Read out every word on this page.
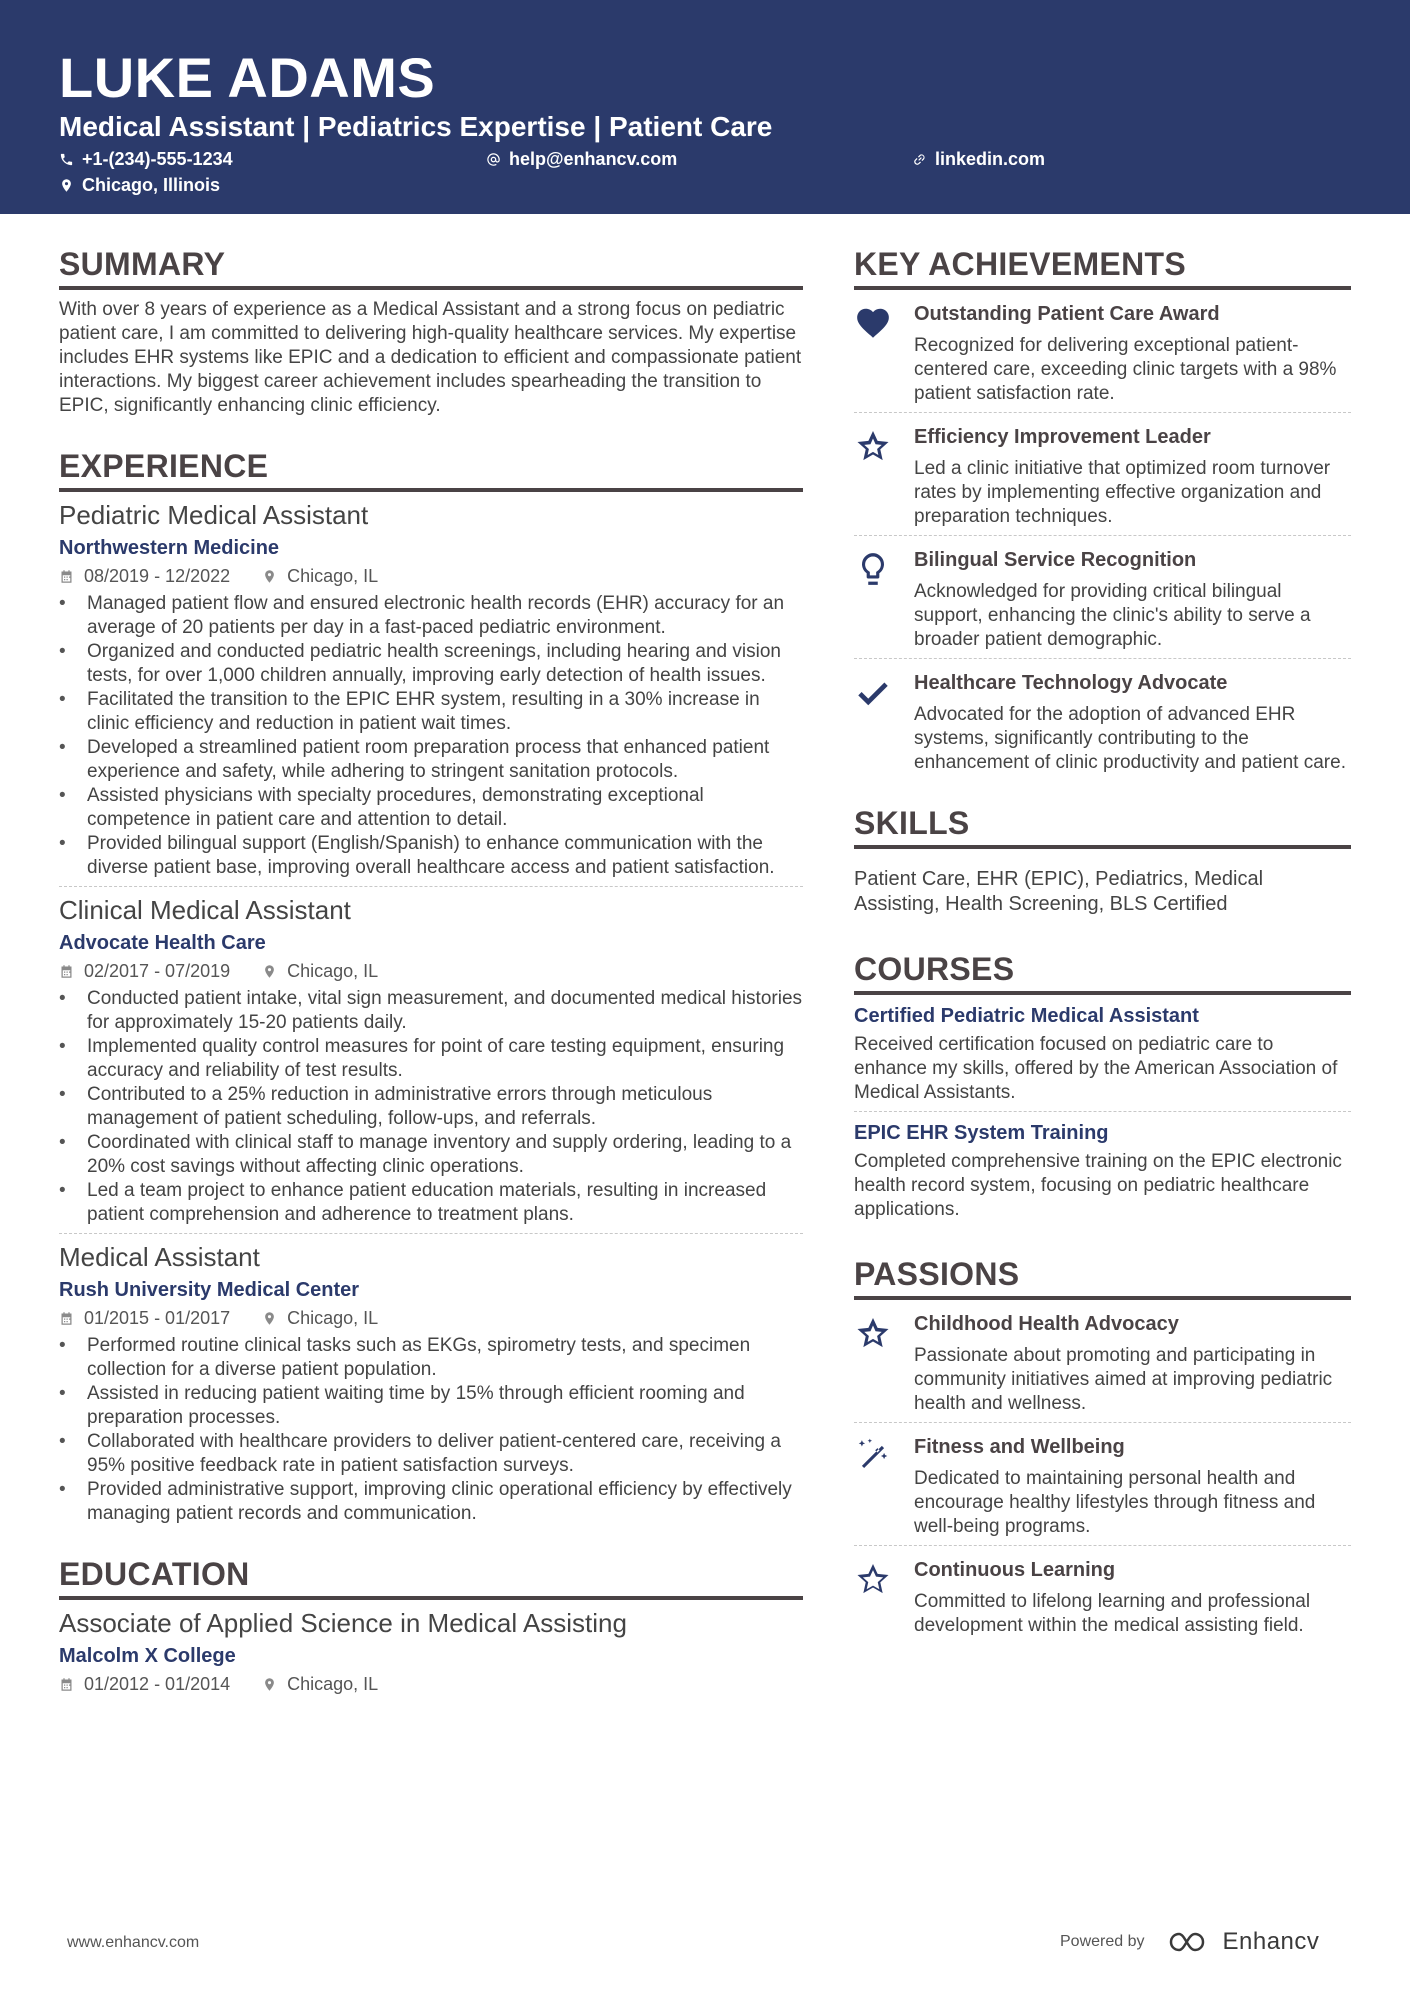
LUKE ADAMS
Medical Assistant | Pediatrics Expertise | Patient Care
+1-(234)-555-1234	help@enhancv.com	linkedin.com
Chicago, Illinois
SUMMARY

With over 8 years of experience as a Medical Assistant and a strong focus on pediatric patient care, I am committed to delivering high-quality healthcare services. My expertise includes EHR systems like EPIC and a dedication to efficient and compassionate patient interactions. My biggest career achievement includes spearheading the transition to EPIC, significantly enhancing clinic efficiency.

EXPERIENCE
Pediatric Medical Assistant
Northwestern Medicine
08/2019 - 12/2022	Chicago, IL
• Managed patient flow and ensured electronic health records (EHR) accuracy for an average of 20 patients per day in a fast-paced pediatric environment.
• Organized and conducted pediatric health screenings, including hearing and vision tests, for over 1,000 children annually, improving early detection of health issues.
• Facilitated the transition to the EPIC EHR system, resulting in a 30% increase in clinic efficiency and reduction in patient wait times.
• Developed a streamlined patient room preparation process that enhanced patient experience and safety, while adhering to stringent sanitation protocols.
• Assisted physicians with specialty procedures, demonstrating exceptional competence in patient care and attention to detail.
• Provided bilingual support (English/Spanish) to enhance communication with the diverse patient base, improving overall healthcare access and patient satisfaction.
Clinical Medical Assistant
Advocate Health Care
02/2017 - 07/2019	Chicago, IL
• Conducted patient intake, vital sign measurement, and documented medical histories for approximately 15-20 patients daily.
• Implemented quality control measures for point of care testing equipment, ensuring accuracy and reliability of test results.
• Contributed to a 25% reduction in administrative errors through meticulous management of patient scheduling, follow-ups, and referrals.
• Coordinated with clinical staff to manage inventory and supply ordering, leading to a 20% cost savings without affecting clinic operations.
• Led a team project to enhance patient education materials, resulting in increased patient comprehension and adherence to treatment plans.
Medical Assistant
Rush University Medical Center
01/2015 - 01/2017	Chicago, IL
• Performed routine clinical tasks such as EKGs, spirometry tests, and specimen collection for a diverse patient population.
• Assisted in reducing patient waiting time by 15% through efficient rooming and preparation processes.
• Collaborated with healthcare providers to deliver patient-centered care, receiving a 95% positive feedback rate in patient satisfaction surveys.
• Provided administrative support, improving clinic operational efficiency by effectively managing patient records and communication.
EDUCATION
Associate of Applied Science in Medical Assisting
Malcolm X College
01/2012 - 01/2014	Chicago, IL
KEY ACHIEVEMENTS
Outstanding Patient Care Award
Recognized for delivering exceptional patient-centered care, exceeding clinic targets with a 98% patient satisfaction rate.
Efficiency Improvement Leader
Led a clinic initiative that optimized room turnover rates by implementing effective organization and preparation techniques.
Bilingual Service Recognition
Acknowledged for providing critical bilingual support, enhancing the clinic's ability to serve a broader patient demographic.
Healthcare Technology Advocate
Advocated for the adoption of advanced EHR systems, significantly contributing to the enhancement of clinic productivity and patient care.
SKILLS

Patient Care, EHR (EPIC), Pediatrics, Medical Assisting, Health Screening, BLS Certified

COURSES
Certified Pediatric Medical Assistant
Received certification focused on pediatric care to enhance my skills, offered by the American Association of Medical Assistants.
EPIC EHR System Training
Completed comprehensive training on the EPIC electronic health record system, focusing on pediatric healthcare applications.
PASSIONS
Childhood Health Advocacy
Passionate about promoting and participating in community initiatives aimed at improving pediatric health and wellness.
Fitness and Wellbeing
Dedicated to maintaining personal health and encourage healthy lifestyles through fitness and well-being programs.
Continuous Learning
Committed to lifelong learning and professional development within the medical assisting field.
www.enhancv.com	Powered by	Enhancv
